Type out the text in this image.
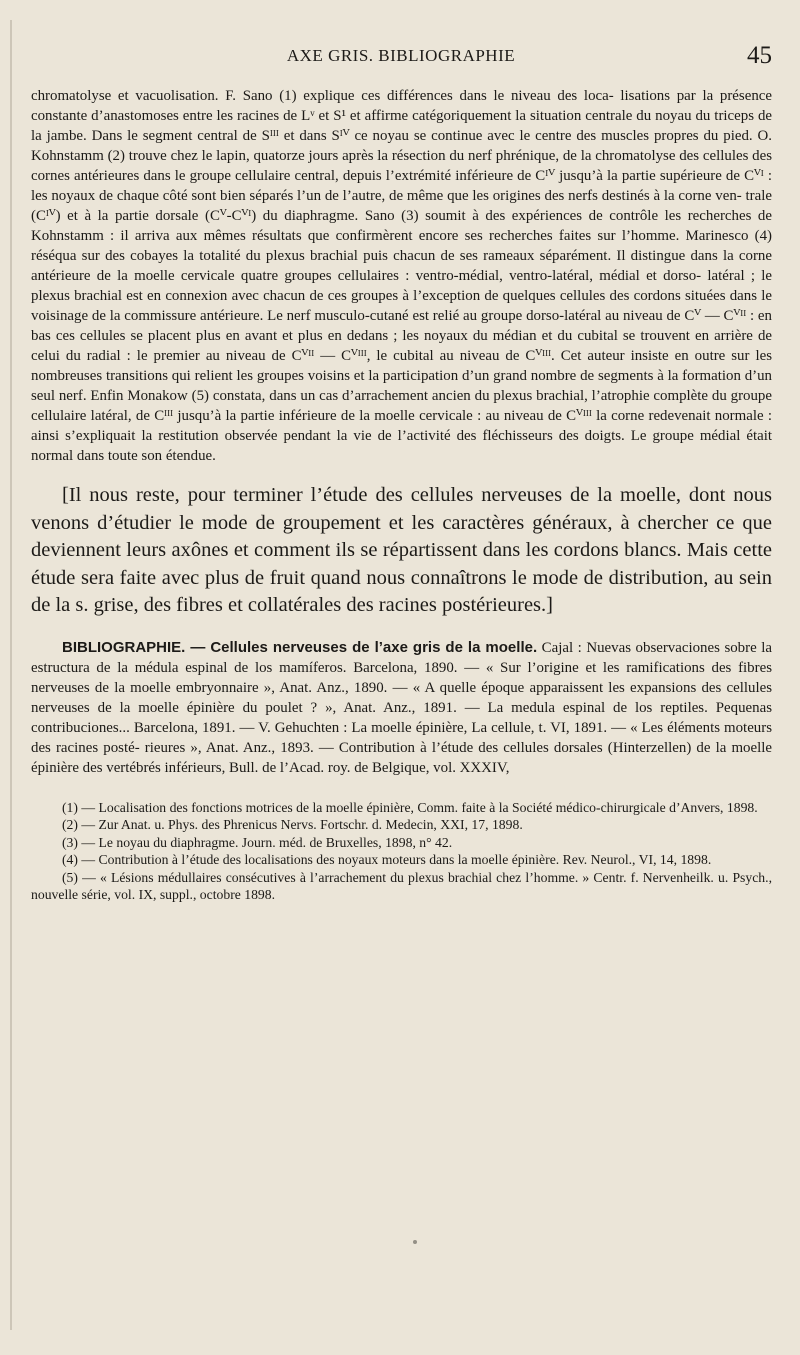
AXE GRIS. BIBLIOGRAPHIE	45

chromatolyse et vacuolisation. F. Sano (1) explique ces différences dans le niveau des loca- lisations par la présence constante d’anastomoses entre les racines de Lᵛ et S¹ et affirme catégoriquement la situation centrale du noyau du triceps de la jambe. Dans le segment central de Sᴵᴵᴵ et dans Sᴵⱽ ce noyau se continue avec le centre des muscles propres du pied. O. Kohnstamm (2) trouve chez le lapin, quatorze jours après la résection du nerf phrénique, de la chromatolyse des cellules des cornes antérieures dans le groupe cellulaire central, depuis l’extrémité inférieure de Cᴵⱽ jusqu’à la partie supérieure de Cⱽᴵ : les noyaux de chaque côté sont bien séparés l’un de l’autre, de même que les origines des nerfs destinés à la corne ven- trale (Cᴵⱽ) et à la partie dorsale (Cⱽ-Cⱽᴵ) du diaphragme. Sano (3) soumit à des expériences de contrôle les recherches de Kohnstamm : il arriva aux mêmes résultats que confirmèrent encore ses recherches faites sur l’homme. Marinesco (4) réséqua sur des cobayes la totalité du plexus brachial puis chacun de ses rameaux séparément. Il distingue dans la corne antérieure de la moelle cervicale quatre groupes cellulaires : ventro-médial, ventro-latéral, médial et dorso- latéral ; le plexus brachial est en connexion avec chacun de ces groupes à l’exception de quelques cellules des cordons situées dans le voisinage de la commissure antérieure. Le nerf musculo-cutané est relié au groupe dorso-latéral au niveau de Cⱽ — Cⱽᴵᴵ : en bas ces cellules se placent plus en avant et plus en dedans ; les noyaux du médian et du cubital se trouvent en arrière de celui du radial : le premier au niveau de Cⱽᴵᴵ — Cⱽᴵᴵᴵ, le cubital au niveau de Cⱽᴵᴵᴵ. Cet auteur insiste en outre sur les nombreuses transitions qui relient les groupes voisins et la participation d’un grand nombre de segments à la formation d’un seul nerf. Enfin Monakow (5) constata, dans un cas d’arrachement ancien du plexus brachial, l’atrophie complète du groupe cellulaire latéral, de Cᴵᴵᴵ jusqu’à la partie inférieure de la moelle cervicale : au niveau de Cⱽᴵᴵᴵ la corne redevenait normale : ainsi s’expliquait la restitution observée pendant la vie de l’activité des fléchisseurs des doigts. Le groupe médial était normal dans toute son étendue.

[Il nous reste, pour terminer l’étude des cellules nerveuses de la moelle, dont nous venons d’étudier le mode de groupement et les caractères généraux, à chercher ce que deviennent leurs axônes et comment ils se répartissent dans les cordons blancs. Mais cette étude sera faite avec plus de fruit quand nous connaîtrons le mode de distribution, au sein de la s. grise, des fibres et collatérales des racines postérieures.]

BIBLIOGRAPHIE. — Cellules nerveuses de l’axe gris de la moelle. Cajal : Nuevas observaciones sobre la estructura de la médula espinal de los mamíferos. Barcelona, 1890. — « Sur l’origine et les ramifications des fibres nerveuses de la moelle embryonnaire », Anat. Anz., 1890. — « A quelle époque apparaissent les expansions des cellules nerveuses de la moelle épinière du poulet ? », Anat. Anz., 1891. — La medula espinal de los reptiles. Pequenas contribuciones... Barcelona, 1891. — V. Gehuchten : La moelle épinière, La cellule, t. VI, 1891. — « Les éléments moteurs des racines posté- rieures », Anat. Anz., 1893. — Contribution à l’étude des cellules dorsales (Hinterzellen) de la moelle épinière des vertébrés inférieurs, Bull. de l’Acad. roy. de Belgique, vol. XXXIV,

(1) — Localisation des fonctions motrices de la moelle épinière, Comm. faite à la Société médico-chirurgicale d’Anvers, 1898.

(2) — Zur Anat. u. Phys. des Phrenicus Nervs. Fortschr. d. Medecin, XXI, 17, 1898.

(3) — Le noyau du diaphragme. Journ. méd. de Bruxelles, 1898, n° 42.

(4) — Contribution à l’étude des localisations des noyaux moteurs dans la moelle épinière. Rev. Neurol., VI, 14, 1898.

(5) — « Lésions médullaires consécutives à l’arrachement du plexus brachial chez l’homme. » Centr. f. Nervenheilk. u. Psych., nouvelle série, vol. IX, suppl., octobre 1898.
